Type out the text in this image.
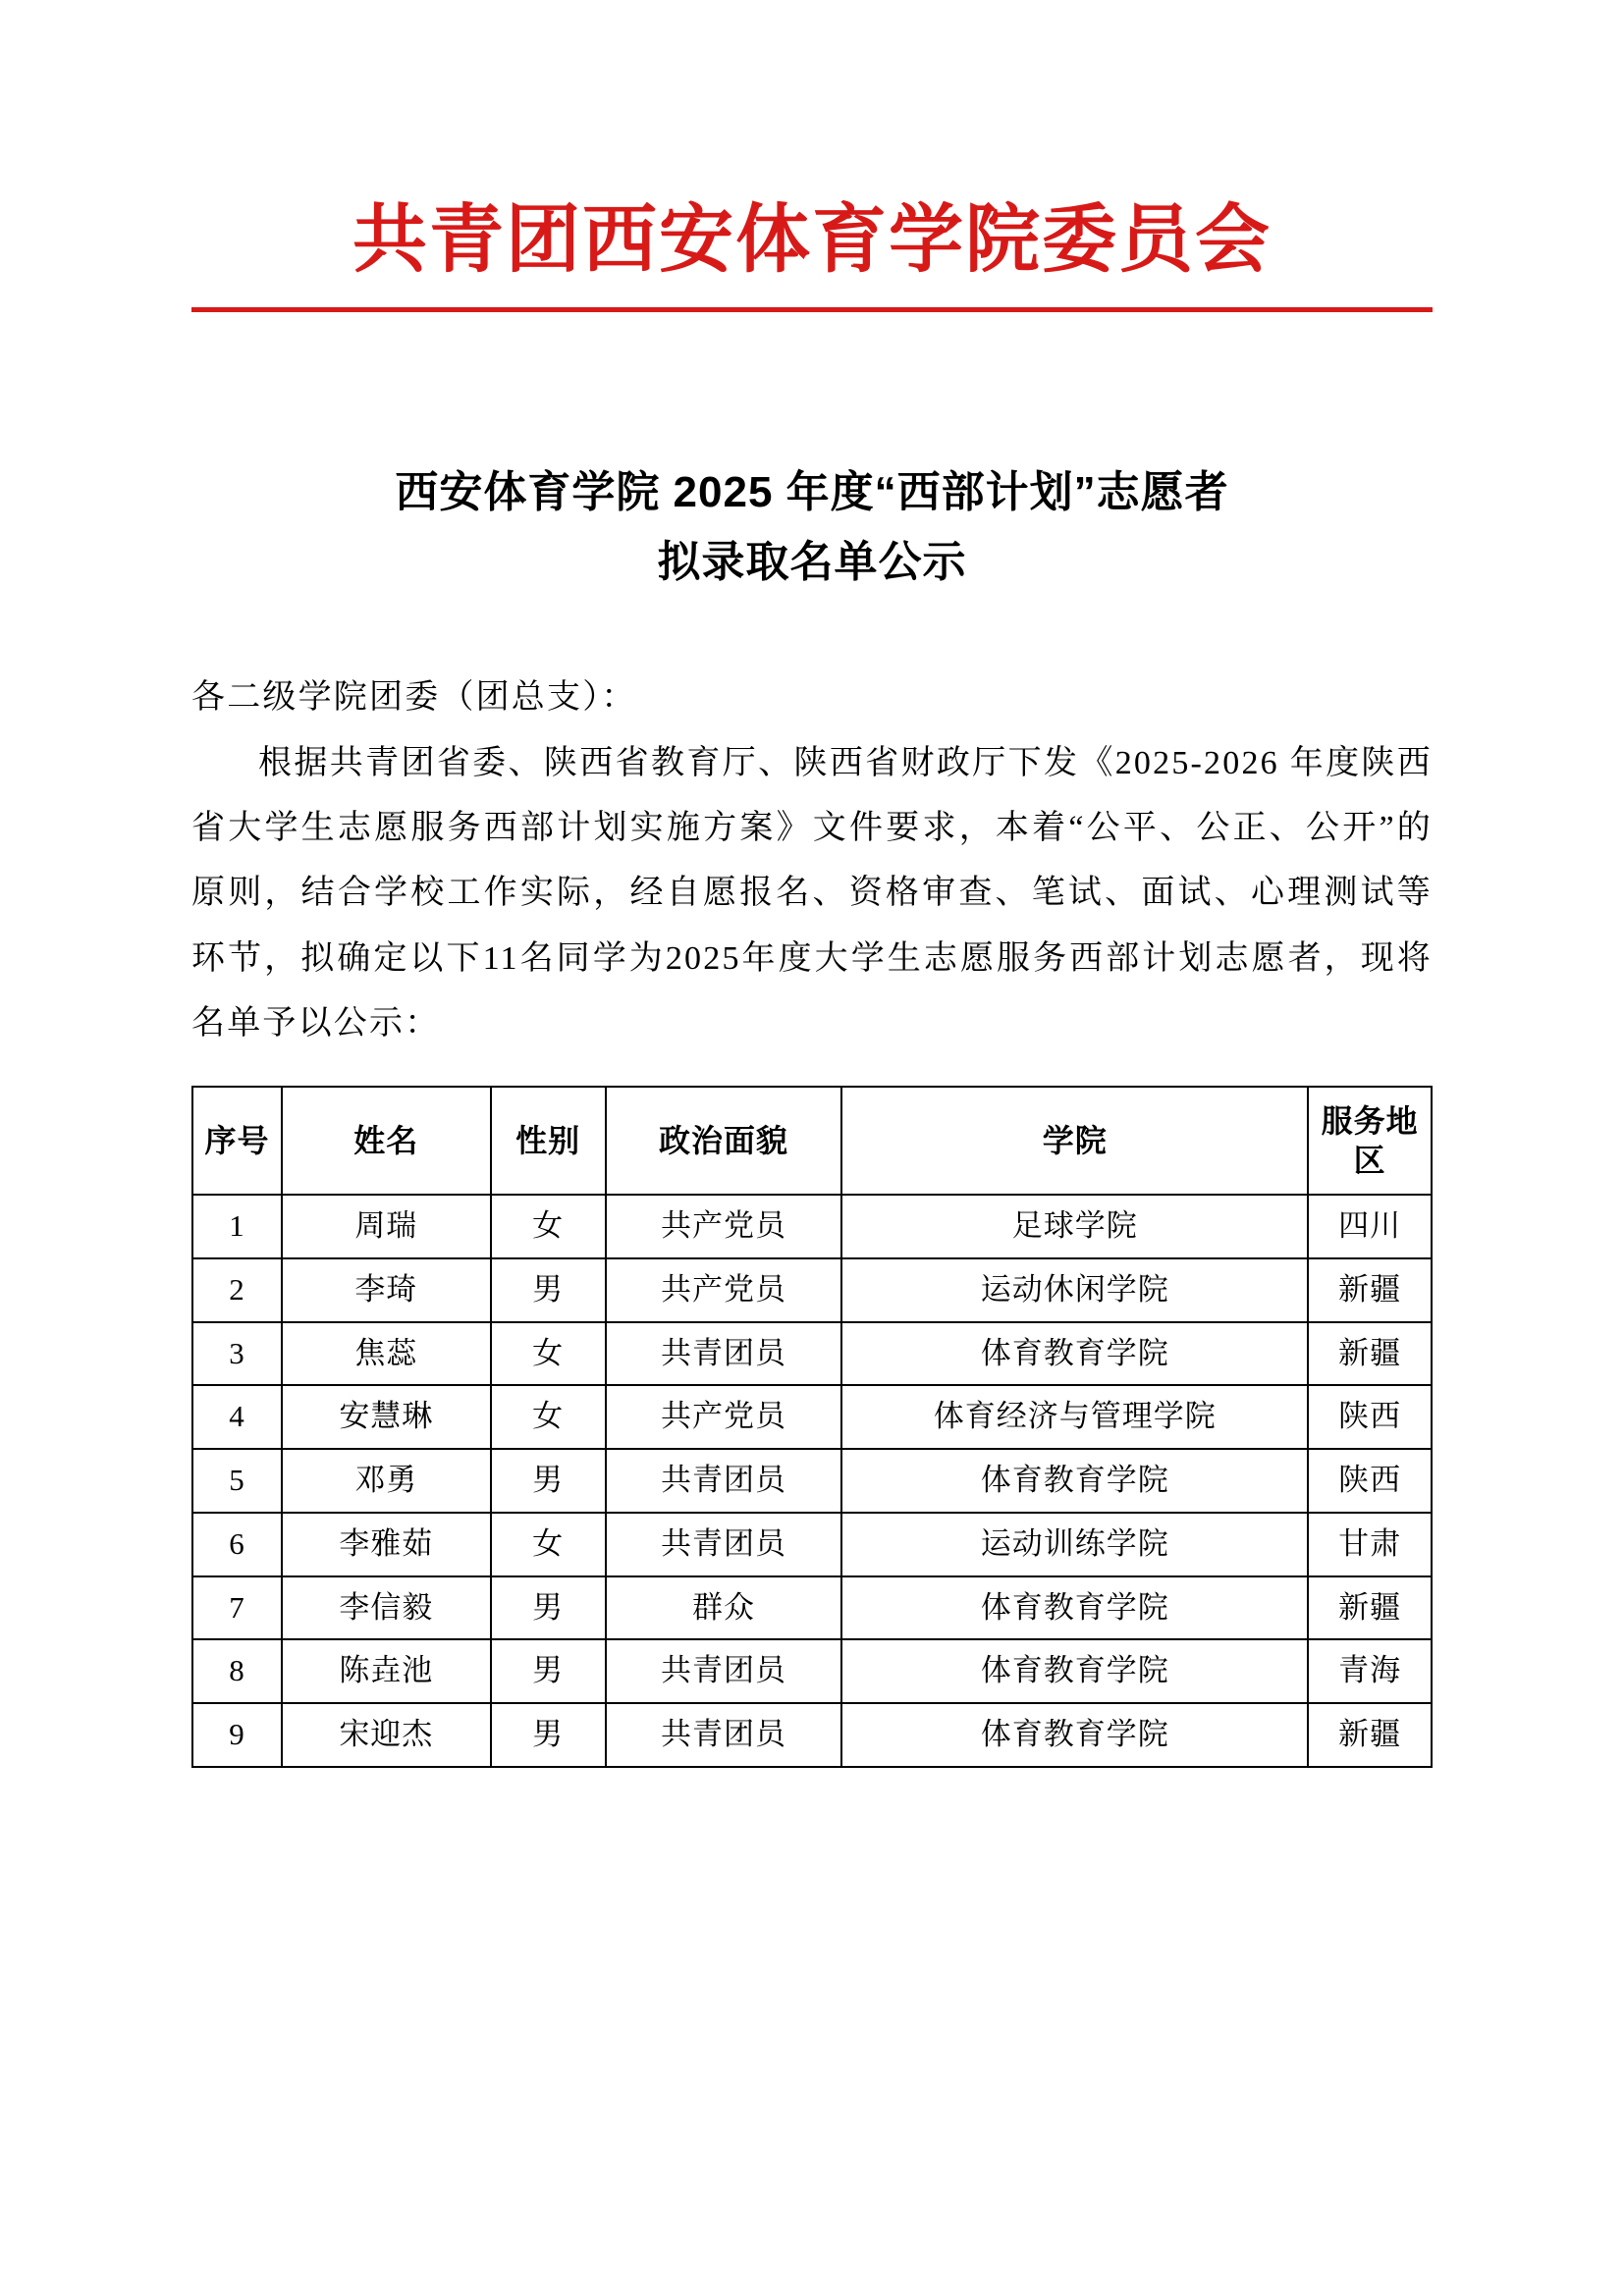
共青团西安体育学院委员会
西安体育学院 2025 年度“西部计划”志愿者
拟录取名单公示

各二级学院团委（团总支）：

根据共青团省委、陕西省教育厅、陕西省财政厅下发《2025-2026 年度陕西省大学生志愿服务西部计划实施方案》文件要求，本着“公平、公正、公开”的原则，结合学校工作实际，经自愿报名、资格审查、笔试、面试、心理测试等环节，拟确定以下11名同学为2025年度大学生志愿服务西部计划志愿者，现将名单予以公示：

序号	姓名	性别	政治面貌	学院	服务地区
1	周瑞	女	共产党员	足球学院	四川
2	李琦	男	共产党员	运动休闲学院	新疆
3	焦蕊	女	共青团员	体育教育学院	新疆
4	安慧琳	女	共产党员	体育经济与管理学院	陕西
5	邓勇	男	共青团员	体育教育学院	陕西
6	李雅茹	女	共青团员	运动训练学院	甘肃
7	李信毅	男	群众	体育教育学院	新疆
8	陈垚池	男	共青团员	体育教育学院	青海
9	宋迎杰	男	共青团员	体育教育学院	新疆
